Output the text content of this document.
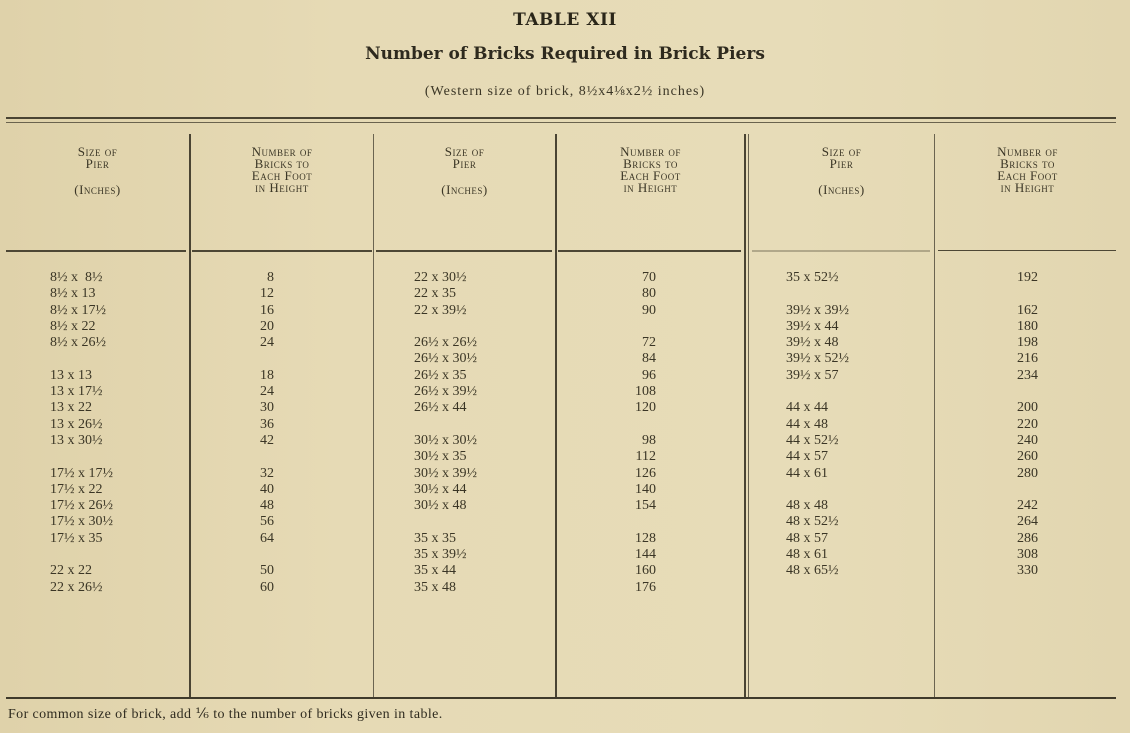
TABLE XII
Number of Bricks Required in Brick Piers
(Western size of brick, 8½x4⅛x2½ inches)
Size of
Pier
(Inches)
Number of
Bricks to
Each Foot
in Height
Size of
Pier
(Inches)
Number of
Bricks to
Each Foot
in Height
Size of
Pier
(Inches)
Number of
Bricks to
Each Foot
in Height
8½ x  8½
8½ x 13
8½ x 17½
8½ x 22
8½ x 26½
13 x 13
13 x 17½
13 x 22
13 x 26½
13 x 30½
17½ x 17½
17½ x 22
17½ x 26½
17½ x 30½
17½ x 35
22 x 22
22 x 26½
8
12
16
20
24
18
24
30
36
42
32
40
48
56
64
50
60
22 x 30½
22 x 35
22 x 39½
26½ x 26½
26½ x 30½
26½ x 35
26½ x 39½
26½ x 44
30½ x 30½
30½ x 35
30½ x 39½
30½ x 44
30½ x 48
35 x 35
35 x 39½
35 x 44
35 x 48
70
80
90
72
84
96
108
120
98
112
126
140
154
128
144
160
176
35 x 52½
39½ x 39½
39½ x 44
39½ x 48
39½ x 52½
39½ x 57
44 x 44
44 x 48
44 x 52½
44 x 57
44 x 61
48 x 48
48 x 52½
48 x 57
48 x 61
48 x 65½
192
162
180
198
216
234
200
220
240
260
280
242
264
286
308
330
For common size of brick, add ⅙ to the number of bricks given in table.
